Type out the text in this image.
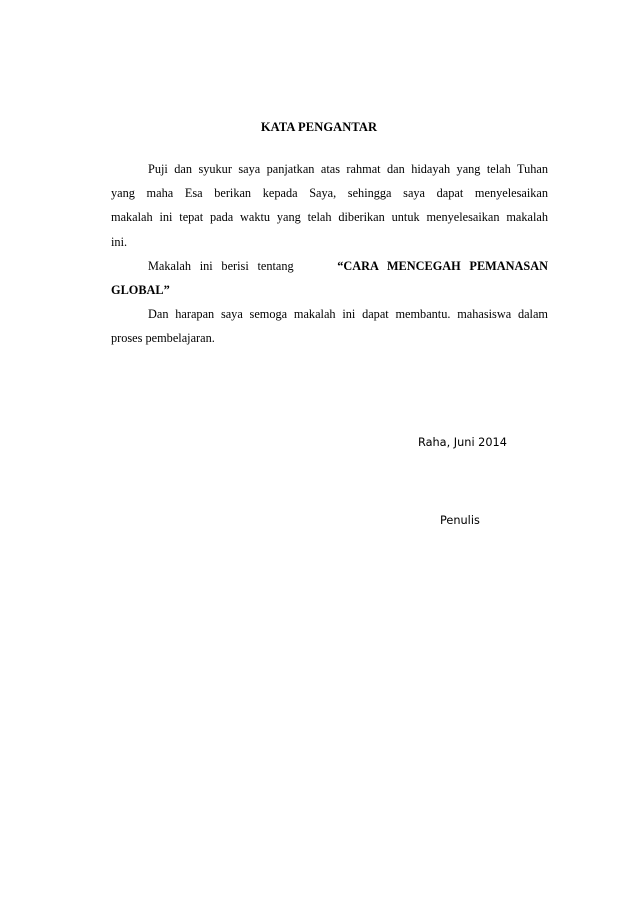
KATA PENGANTAR
Puji dan syukur saya panjatkan atas rahmat dan hidayah yang telah Tuhan
yang maha Esa berikan kepada Saya, sehingga saya dapat menyelesaikan
makalah ini tepat pada waktu yang telah diberikan untuk menyelesaikan makalah
ini.
Makalah ini berisi tentang	“CARA MENCEGAH PEMANASAN
GLOBAL”
Dan harapan saya semoga makalah ini dapat membantu. mahasiswa dalam
proses pembelajaran.
Raha, Juni 2014
Penulis
